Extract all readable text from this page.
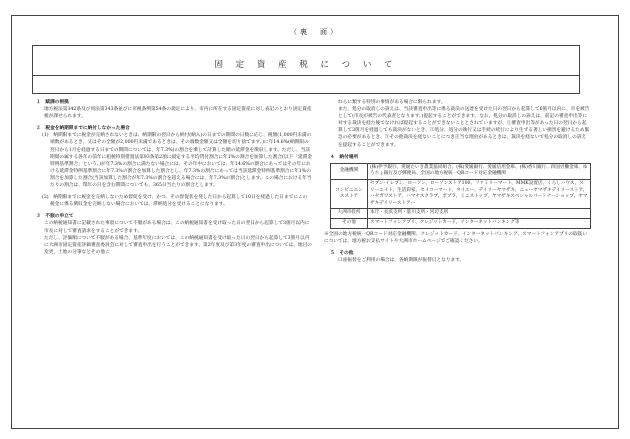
（裏　面）
固 定 資 産 税 に つ い て

１　賦課の根拠

地方税法第342条及び同法第343条並びに市税条例第54条の規定により、市内に所在する固定資産に対し表記のとおり固定資産税が課せられます。

２　税金を納期限までに納付しなかった場合

(1)　納期限までに税金が完納されないときは、納期限の翌日から納付(納入)の日までの期間の日数に応じ、税額(1,000円未満の端数があるとき、又はその全額が2,000円未満であるときは、その端数金額又は全額を切り捨てます。)に年14.6%(納期限の翌日から1月を経過する日までの期間については、年7.3%)の割合を乗じて計算した額の延滞金を徴収します。ただし、当該期間の属する各年の前年に租税特別措置法第93条第2項に規定する平均貸付割合に年1%の割合を加算した割合(以下「延滞金特例基準割合」という。)が年7.3%の割合に満たない場合には、その年中においては、年14.6%の割合にあってはその年における延滞金特例基準割合に年7.3%の割合を加算した割合とし、年7.3%の割合にあっては当該延滞金特例基準割合に年1%の割合を加算した割合(当該加算した割合が年7.3%の割合を超える場合には、年7.3%の割合)とします。この場合における年当たりの割合は、閏年の日を含む期間についても、365日当たりの割合とします。

(2)　納期限までに税金を完納しないため督促を受け、かつ、その督促状を発した日から起算して10日を経過した日までにこの税金に係る徴収金を完納しない場合においては、滞納処分を受けることになります。

３　不服の申立て

この納税通知書に記載された事項について不服がある場合は、この納税通知書を受け取った日の翌日から起算して3箇月以内に市長に対して審査請求をすることができます。

ただし、評価額について不服がある場合、基準年度においては、この納税通知書を受け取った日の翌日から起算して3箇月以内に大洲市固定資産評価審査委員会に対して審査申出を行うことができます。第2年度及び第3年度の審査申出については、地目の変更、土地の分筆などその他こ

れらに類する特別の事情がある場合に限られます。

また、処分の取消しの訴えは、当該審査申出等に係る裁決の送達を受けた日の翌日から起算して6箇月以内に、市を被告として(市長が被告の代表者となります。)提起することができます。なお、処分の取消しの訴えは、前記の審査申出等に対する裁決を経た後でなければ提起することができないこととされていますが、①審査申出等があった日の翌日から起算して3箇月を経過しても裁決がないとき、②処分、処分の執行又は手続の続行により生ずる著しい損害を避けるため緊急の必要があるとき、③その他裁決を経ないことにつき正当な理由があるときは、裁決を経ないで処分の取消しの訴えを提起することができます。

４　納付場所

金融機関	(株)伊予銀行、愛媛たいき農業協同組合、(株)愛媛銀行、愛媛信用金庫、(株)香川銀行、四国労働金庫、ゆうちょ銀行及び郵便局、全国の地方税統一QRコード対応金融機関
コンビニエンスストア	セブン-イレブン、ローソン、ローソンストア100、ファミリーマート、MMK設置店、くらしハウス、スリーエイト、生活彩家、セイコーマート、タイエー、デイリーヤマザキ、ニューヤマザキデイリーストア、ハセガワストア、ハマナスクラブ、ポプラ、ミニストップ、ヤマザキスペシャルパートナーショップ、ヤマザキデイリーストアー
大洲市役所	本庁・長浜支所・肱川支所・河辺支所
その他	スマートフォンアプリ、クレジットカード、インターネットバンキング等

※全国の地方税統一QRコード対応金融機関、クレジットカード、インターネットバンキング、スマートフォンアプリの取扱いについては、地方税お支払サイトや大洲市ホームページでご確認ください。

５　その他

口座振替をご利用の場合は、各納期限が振替日となります。
